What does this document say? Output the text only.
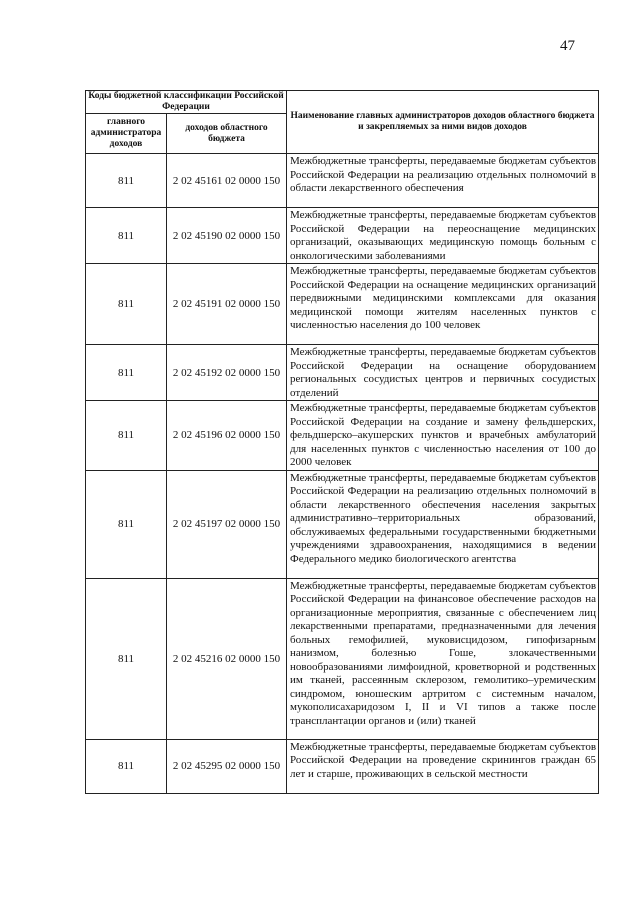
47
Коды бюджетной классификации Российской Федерации		Наименование главных администраторов доходов областного бюджета и закрепляемых за ними видов доходов
главного администратора доходов	доходов областного бюджета	
811	2 02 45161 02 0000 150	Межбюджетные трансферты, передаваемые бюджетам субъектов Российской Федерации на реализацию отдельных полномочий в области лекарственного обеспечения
811	2 02 45190 02 0000 150	Межбюджетные трансферты, передаваемые бюджетам субъектов Российской Федерации на переоснащение медицинских организаций, оказывающих медицинскую помощь больным с онкологическими заболеваниями
811	2 02 45191 02 0000 150	Межбюджетные трансферты, передаваемые бюджетам субъектов Российской Федерации на оснащение медицинских организаций передвижными медицинскими комплексами для оказания медицинской помощи жителям населенных пунктов с численностью населения до 100 человек
811	2 02 45192 02 0000 150	Межбюджетные трансферты, передаваемые бюджетам субъектов Российской Федерации на оснащение оборудованием региональных сосудистых центров и первичных сосудистых отделений
811	2 02 45196 02 0000 150	Межбюджетные трансферты, передаваемые бюджетам субъектов Российской Федерации на создание и замену фельдшерских, фельдшерско–акушерских пунктов и врачебных амбулаторий для населенных пунктов с численностью населения от 100 до 2000 человек
811	2 02 45197 02 0000 150	Межбюджетные трансферты, передаваемые бюджетам субъектов Российской Федерации на реализацию отдельных полномочий в области лекарственного обеспечения населения закрытых административно–территориальных образований, обслуживаемых федеральными государственными бюджетными учреждениями здравоохранения, находящимися в ведении Федерального медико биологического агентства
811	2 02 45216 02 0000 150	Межбюджетные трансферты, передаваемые бюджетам субъектов Российской Федерации на финансовое обеспечение расходов на организационные мероприятия, связанные с обеспечением лиц лекарственными препаратами, предназначенными для лечения больных гемофилией, муковисцидозом, гипофизарным нанизмом, болезнью Гоше, злокачественными новообразованиями лимфоидной, кроветворной и родственных им тканей, рассеянным склерозом, гемолитико–уремическим синдромом, юношеским артритом с системным началом, мукополисахаридозом I, II и VI типов а также после трансплантации органов и (или) тканей
811	2 02 45295 02 0000 150	Межбюджетные трансферты, передаваемые бюджетам субъектов Российской Федерации на проведение скринингов граждан 65 лет и старше, проживающих в сельской местности
